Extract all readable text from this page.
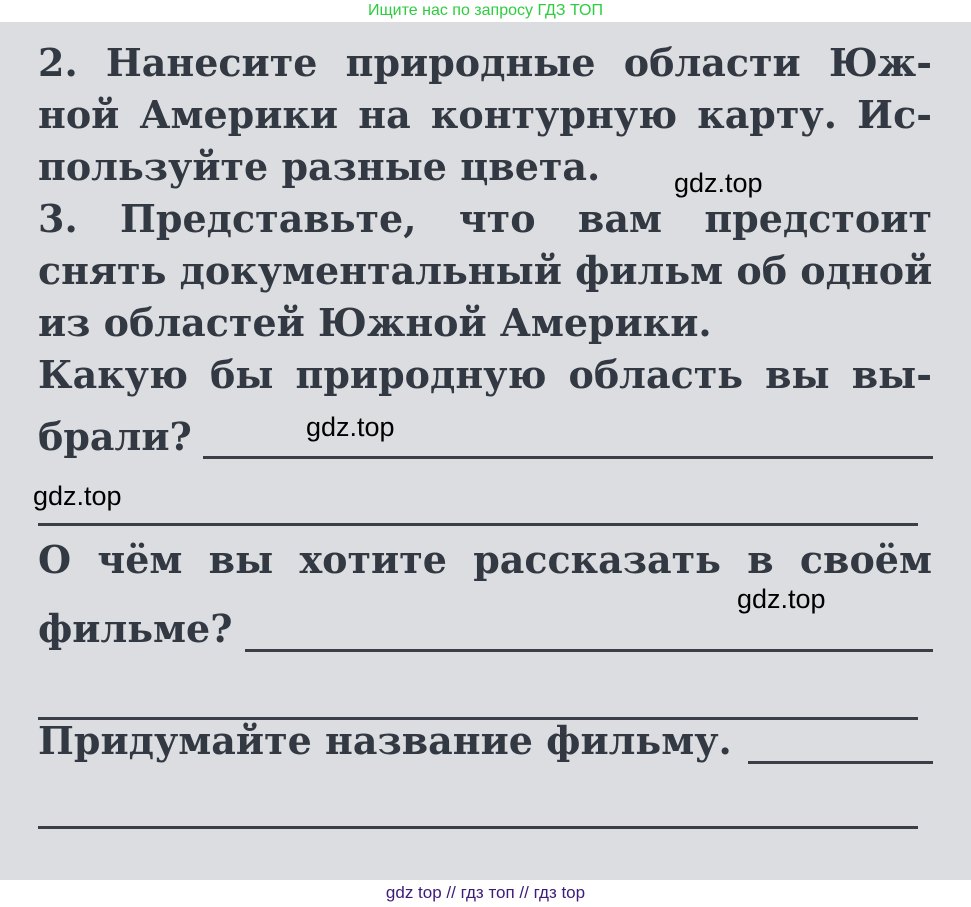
Ищите нас по запросу ГДЗ ТОП
2. Нанесите природные области Юж-
ной Америки на контурную карту. Ис-
пользуйте разные цвета.
3. Представьте, что вам предстоит
снять документальный фильм об одной
из областей Южной Америки.
Какую бы природную область вы вы-
брали?
О чём вы хотите рассказать в своём
фильме?
Придумайте название фильму.
gdz.top
gdz.top
gdz.top
gdz.top
gdz top // гдз топ // гдз top
